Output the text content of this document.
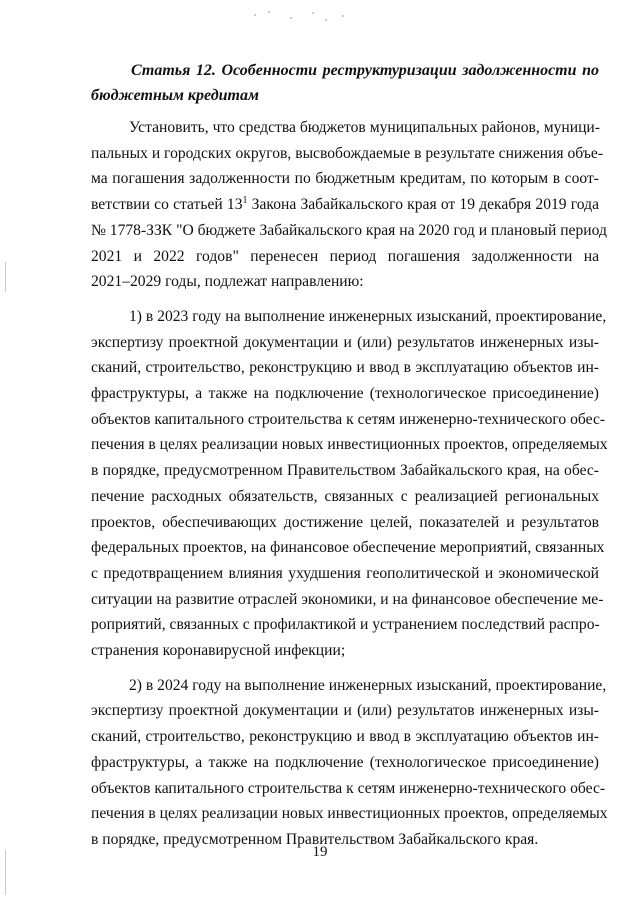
Статья 12. Особенности реструктуризации задолженности по
бюджетным кредитам
Установить, что средства бюджетов муниципальных районов, муници-
пальных и городских округов, высвобождаемые в результате снижения объе-
ма погашения задолженности по бюджетным кредитам, по которым в соот-
ветствии со статьей $13^1$ Закона Забайкальского края от 19 декабря 2019 года
№ 1778-ЗЗК "О бюджете Забайкальского края на 2020 год и плановый период
2021 и 2022 годов" перенесен период погашения задолженности на
2021–2029 годы, подлежат направлению:
1) в 2023 году на выполнение инженерных изысканий, проектирование,
экспертизу проектной документации и (или) результатов инженерных изы-
сканий, строительство, реконструкцию и ввод в эксплуатацию объектов ин-
фраструктуры, а также на подключение (технологическое присоединение)
объектов капитального строительства к сетям инженерно-технического обес-
печения в целях реализации новых инвестиционных проектов, определяемых
в порядке, предусмотренном Правительством Забайкальского края, на обес-
печение расходных обязательств, связанных с реализацией региональных
проектов, обеспечивающих достижение целей, показателей и результатов
федеральных проектов, на финансовое обеспечение мероприятий, связанных
с предотвращением влияния ухудшения геополитической и экономической
ситуации на развитие отраслей экономики, и на финансовое обеспечение ме-
роприятий, связанных с профилактикой и устранением последствий распро-
странения коронавирусной инфекции;
2) в 2024 году на выполнение инженерных изысканий, проектирование,
экспертизу проектной документации и (или) результатов инженерных изы-
сканий, строительство, реконструкцию и ввод в эксплуатацию объектов ин-
фраструктуры, а также на подключение (технологическое присоединение)
объектов капитального строительства к сетям инженерно-технического обес-
печения в целях реализации новых инвестиционных проектов, определяемых
в порядке, предусмотренном Правительством Забайкальского края.
19
